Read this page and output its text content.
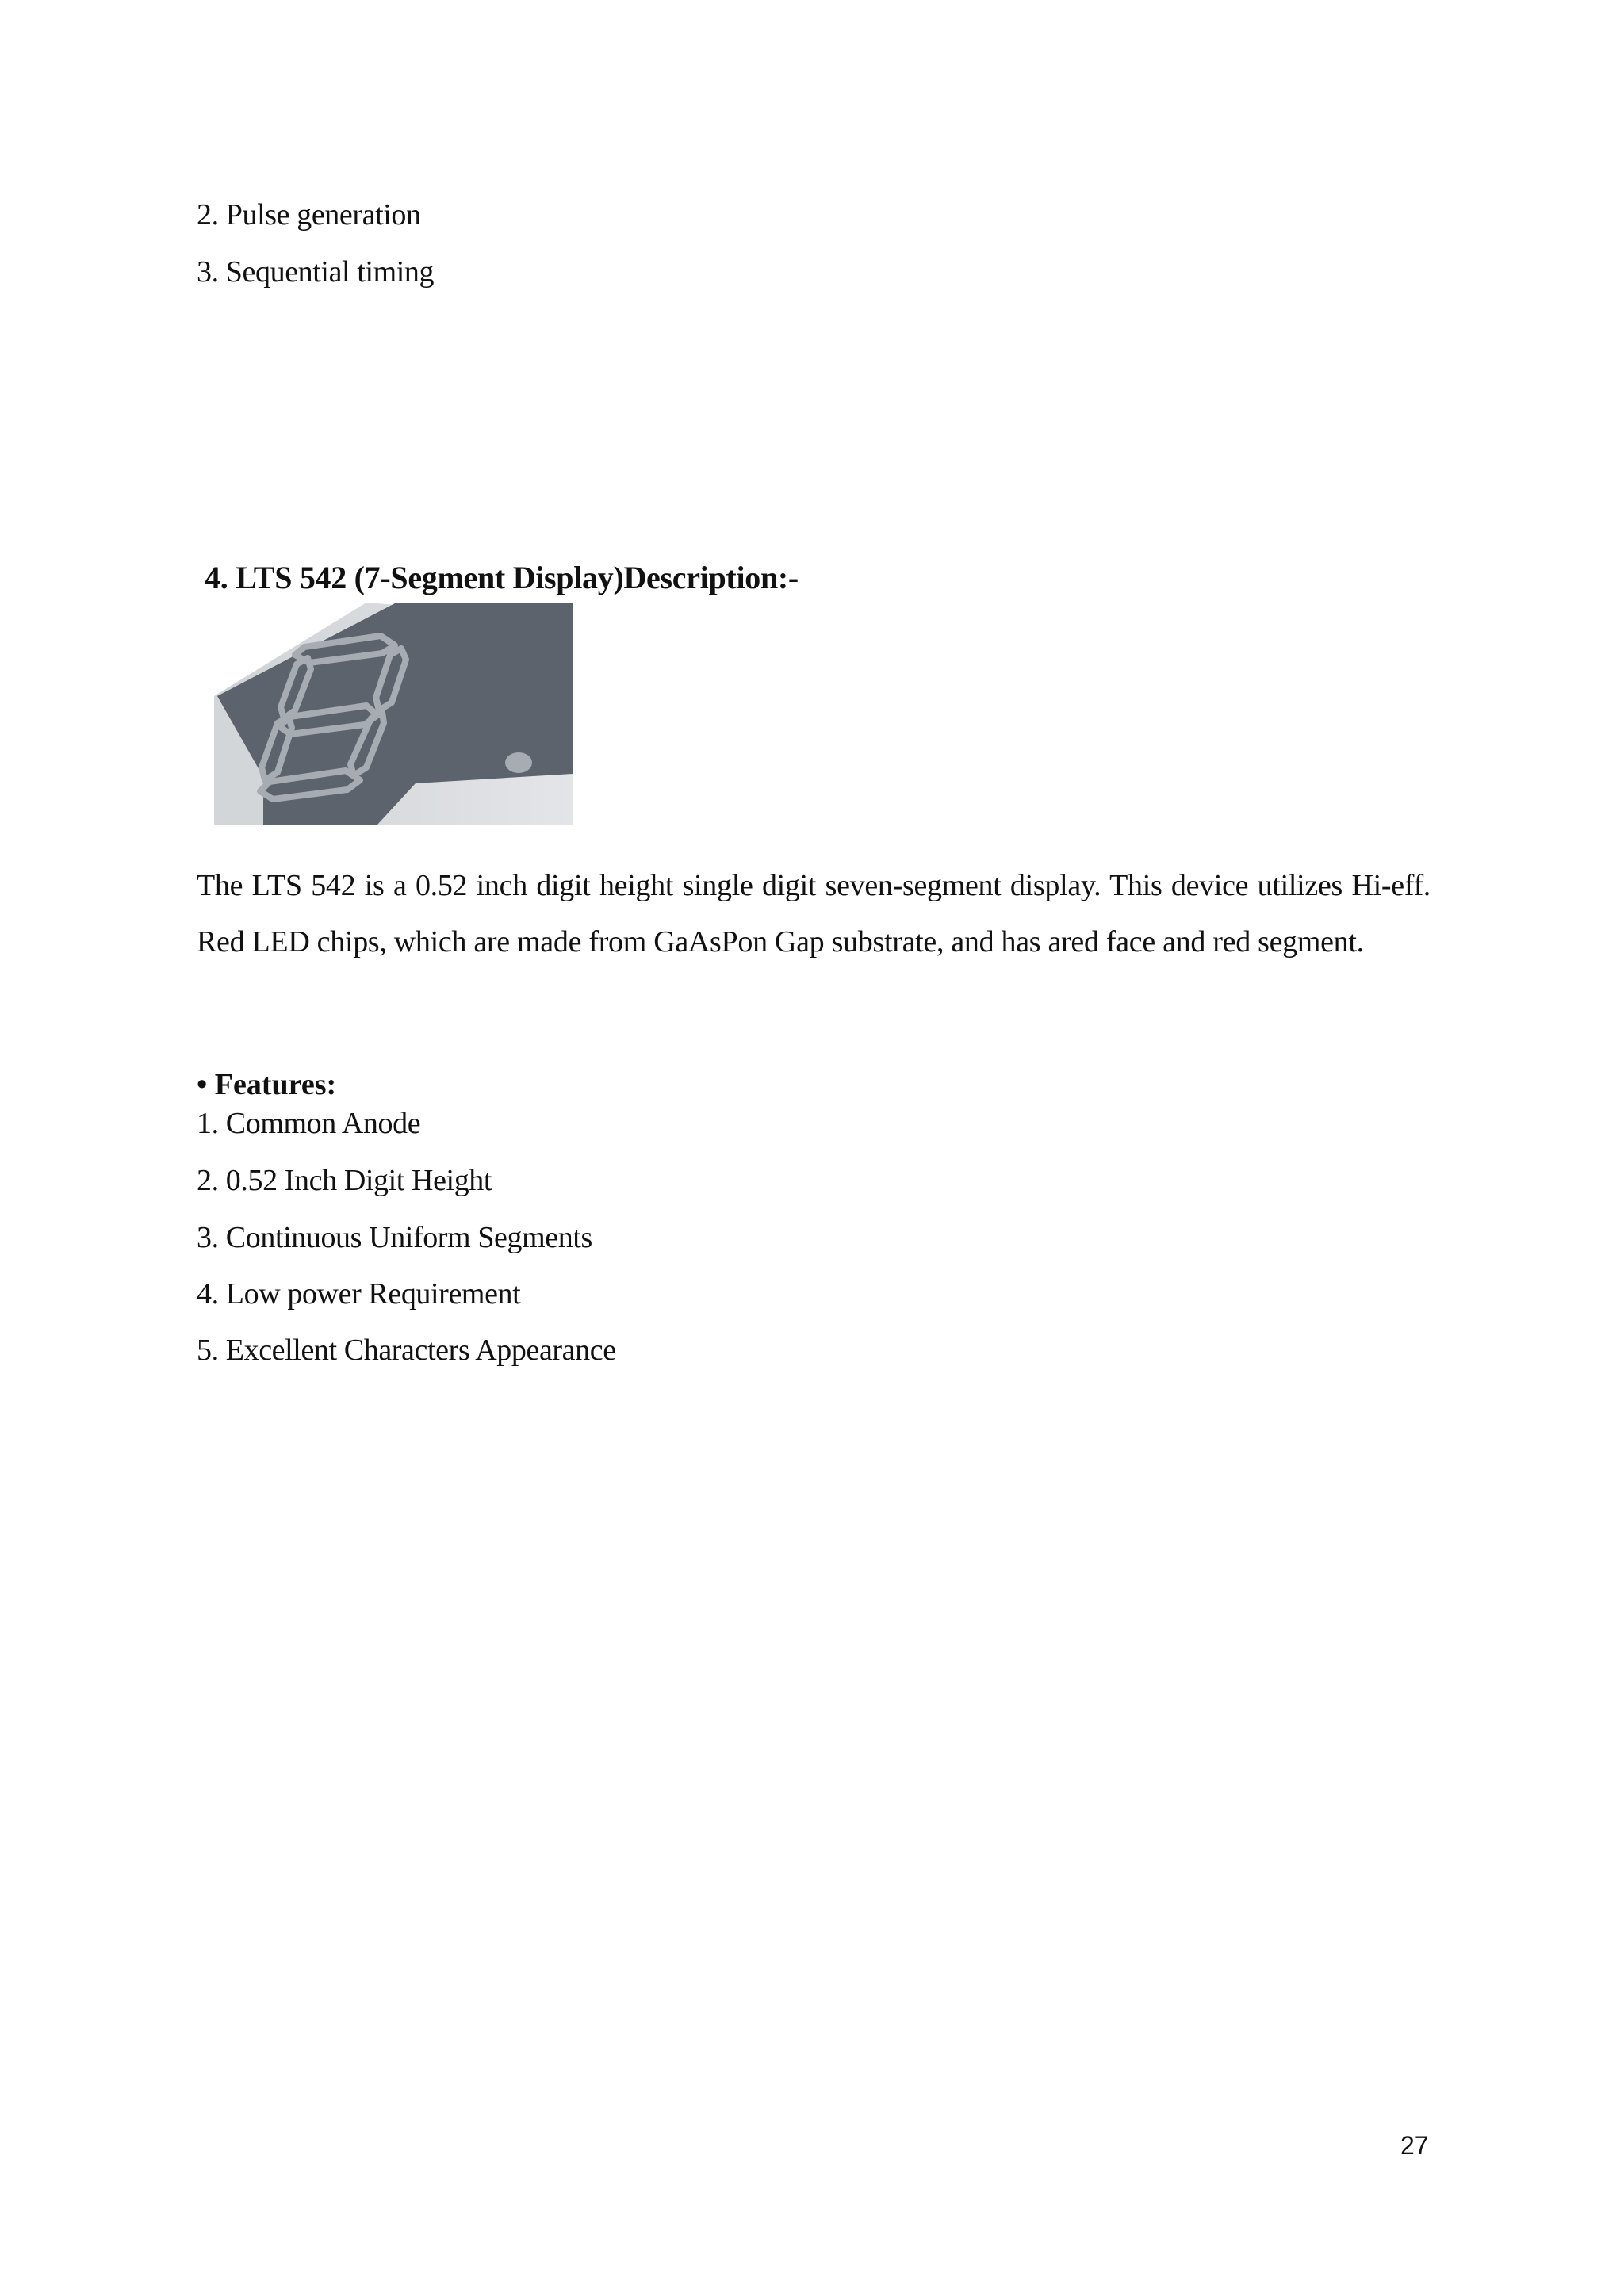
2. Pulse generation
3. Sequential timing
4. LTS 542 (7-Segment Display)Description:-
The LTS 542 is a 0.52 inch digit height single digit seven-segment display. This device utilizes Hi-eff. Red LED chips, which are made from GaAsPon Gap substrate, and has ared face and red segment.
• Features:
1. Common Anode
2. 0.52 Inch Digit Height
3. Continuous Uniform Segments
4. Low power Requirement
5. Excellent Characters Appearance
27
